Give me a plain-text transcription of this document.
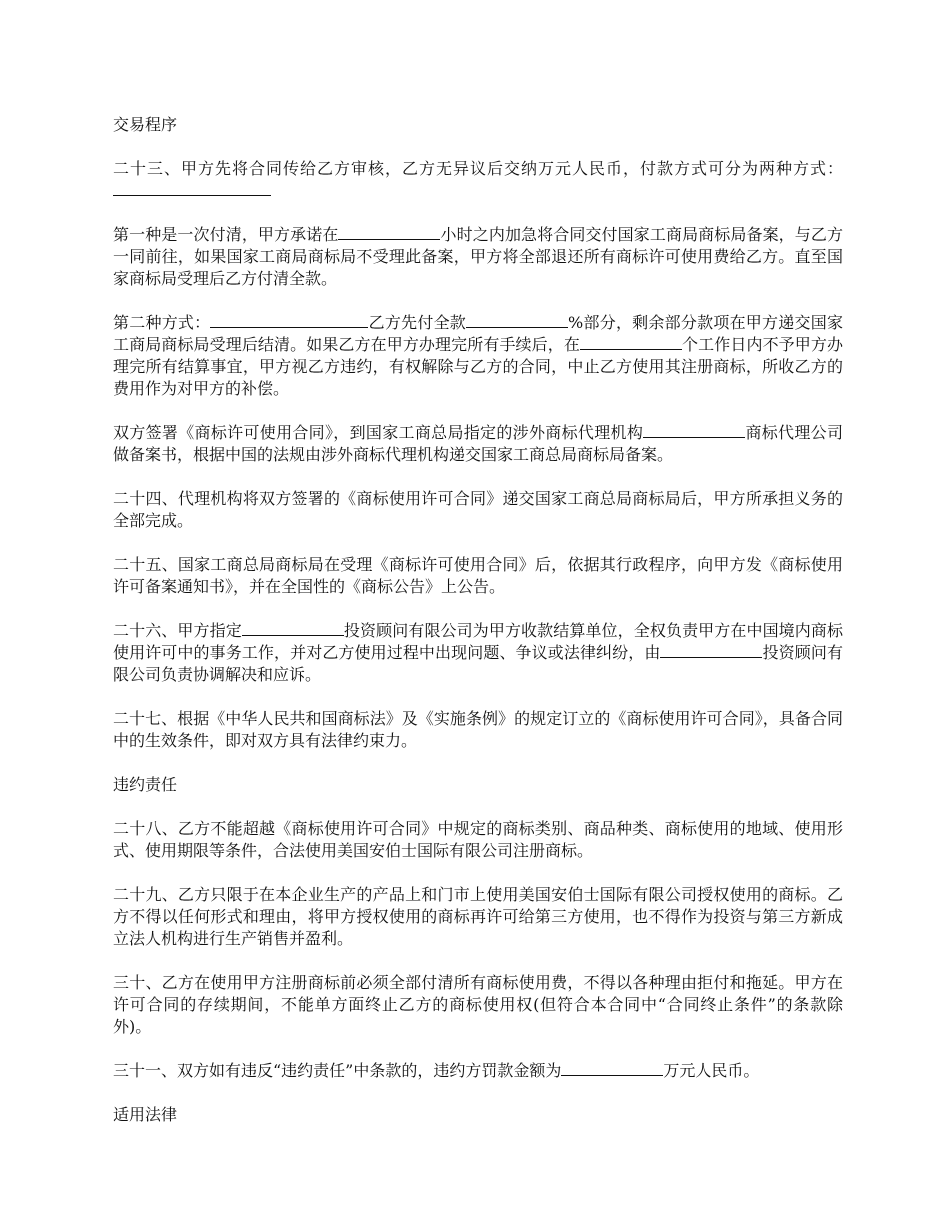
交易程序

二十三、甲方先将合同传给乙方审核，乙方无异议后交纳万元人民币，付款方式可分为两种方式：

第一种是一次付清，甲方承诺在	小时之内加急将合同交付国家工商局商标局备案，与乙方一同前往，如果国家工商局商标局不受理此备案，甲方将全部退还所有商标许可使用费给乙方。直至国家商标局受理后乙方付清全款。

第二种方式：	乙方先付全款	%部分，剩余部分款项在甲方递交国家工商局商标局受理后结清。如果乙方在甲方办理完所有手续后，在	个工作日内不予甲方办理完所有结算事宜，甲方视乙方违约，有权解除与乙方的合同，中止乙方使用其注册商标，所收乙方的费用作为对甲方的补偿。

双方签署《商标许可使用合同》，到国家工商总局指定的涉外商标代理机构	商标代理公司做备案书，根据中国的法规由涉外商标代理机构递交国家工商总局商标局备案。

二十四、代理机构将双方签署的《商标使用许可合同》递交国家工商总局商标局后，甲方所承担义务的全部完成。

二十五、国家工商总局商标局在受理《商标许可使用合同》后，依据其行政程序，向甲方发《商标使用许可备案通知书》，并在全国性的《商标公告》上公告。

二十六、甲方指定	投资顾问有限公司为甲方收款结算单位，全权负责甲方在中国境内商标使用许可中的事务工作，并对乙方使用过程中出现问题、争议或法律纠纷，由	投资顾问有限公司负责协调解决和应诉。

二十七、根据《中华人民共和国商标法》及《实施条例》的规定订立的《商标使用许可合同》，具备合同中的生效条件，即对双方具有法律约束力。

违约责任

二十八、乙方不能超越《商标使用许可合同》中规定的商标类别、商品种类、商标使用的地域、使用形式、使用期限等条件，合法使用美国安伯士国际有限公司注册商标。

二十九、乙方只限于在本企业生产的产品上和门市上使用美国安伯士国际有限公司授权使用的商标。乙方不得以任何形式和理由，将甲方授权使用的商标再许可给第三方使用，也不得作为投资与第三方新成立法人机构进行生产销售并盈利。

三十、乙方在使用甲方注册商标前必须全部付清所有商标使用费，不得以各种理由拒付和拖延。甲方在许可合同的存续期间，不能单方面终止乙方的商标使用权(但符合本合同中“合同终止条件”的条款除外)。

三十一、双方如有违反“违约责任”中条款的，违约方罚款金额为	万元人民币。

适用法律
